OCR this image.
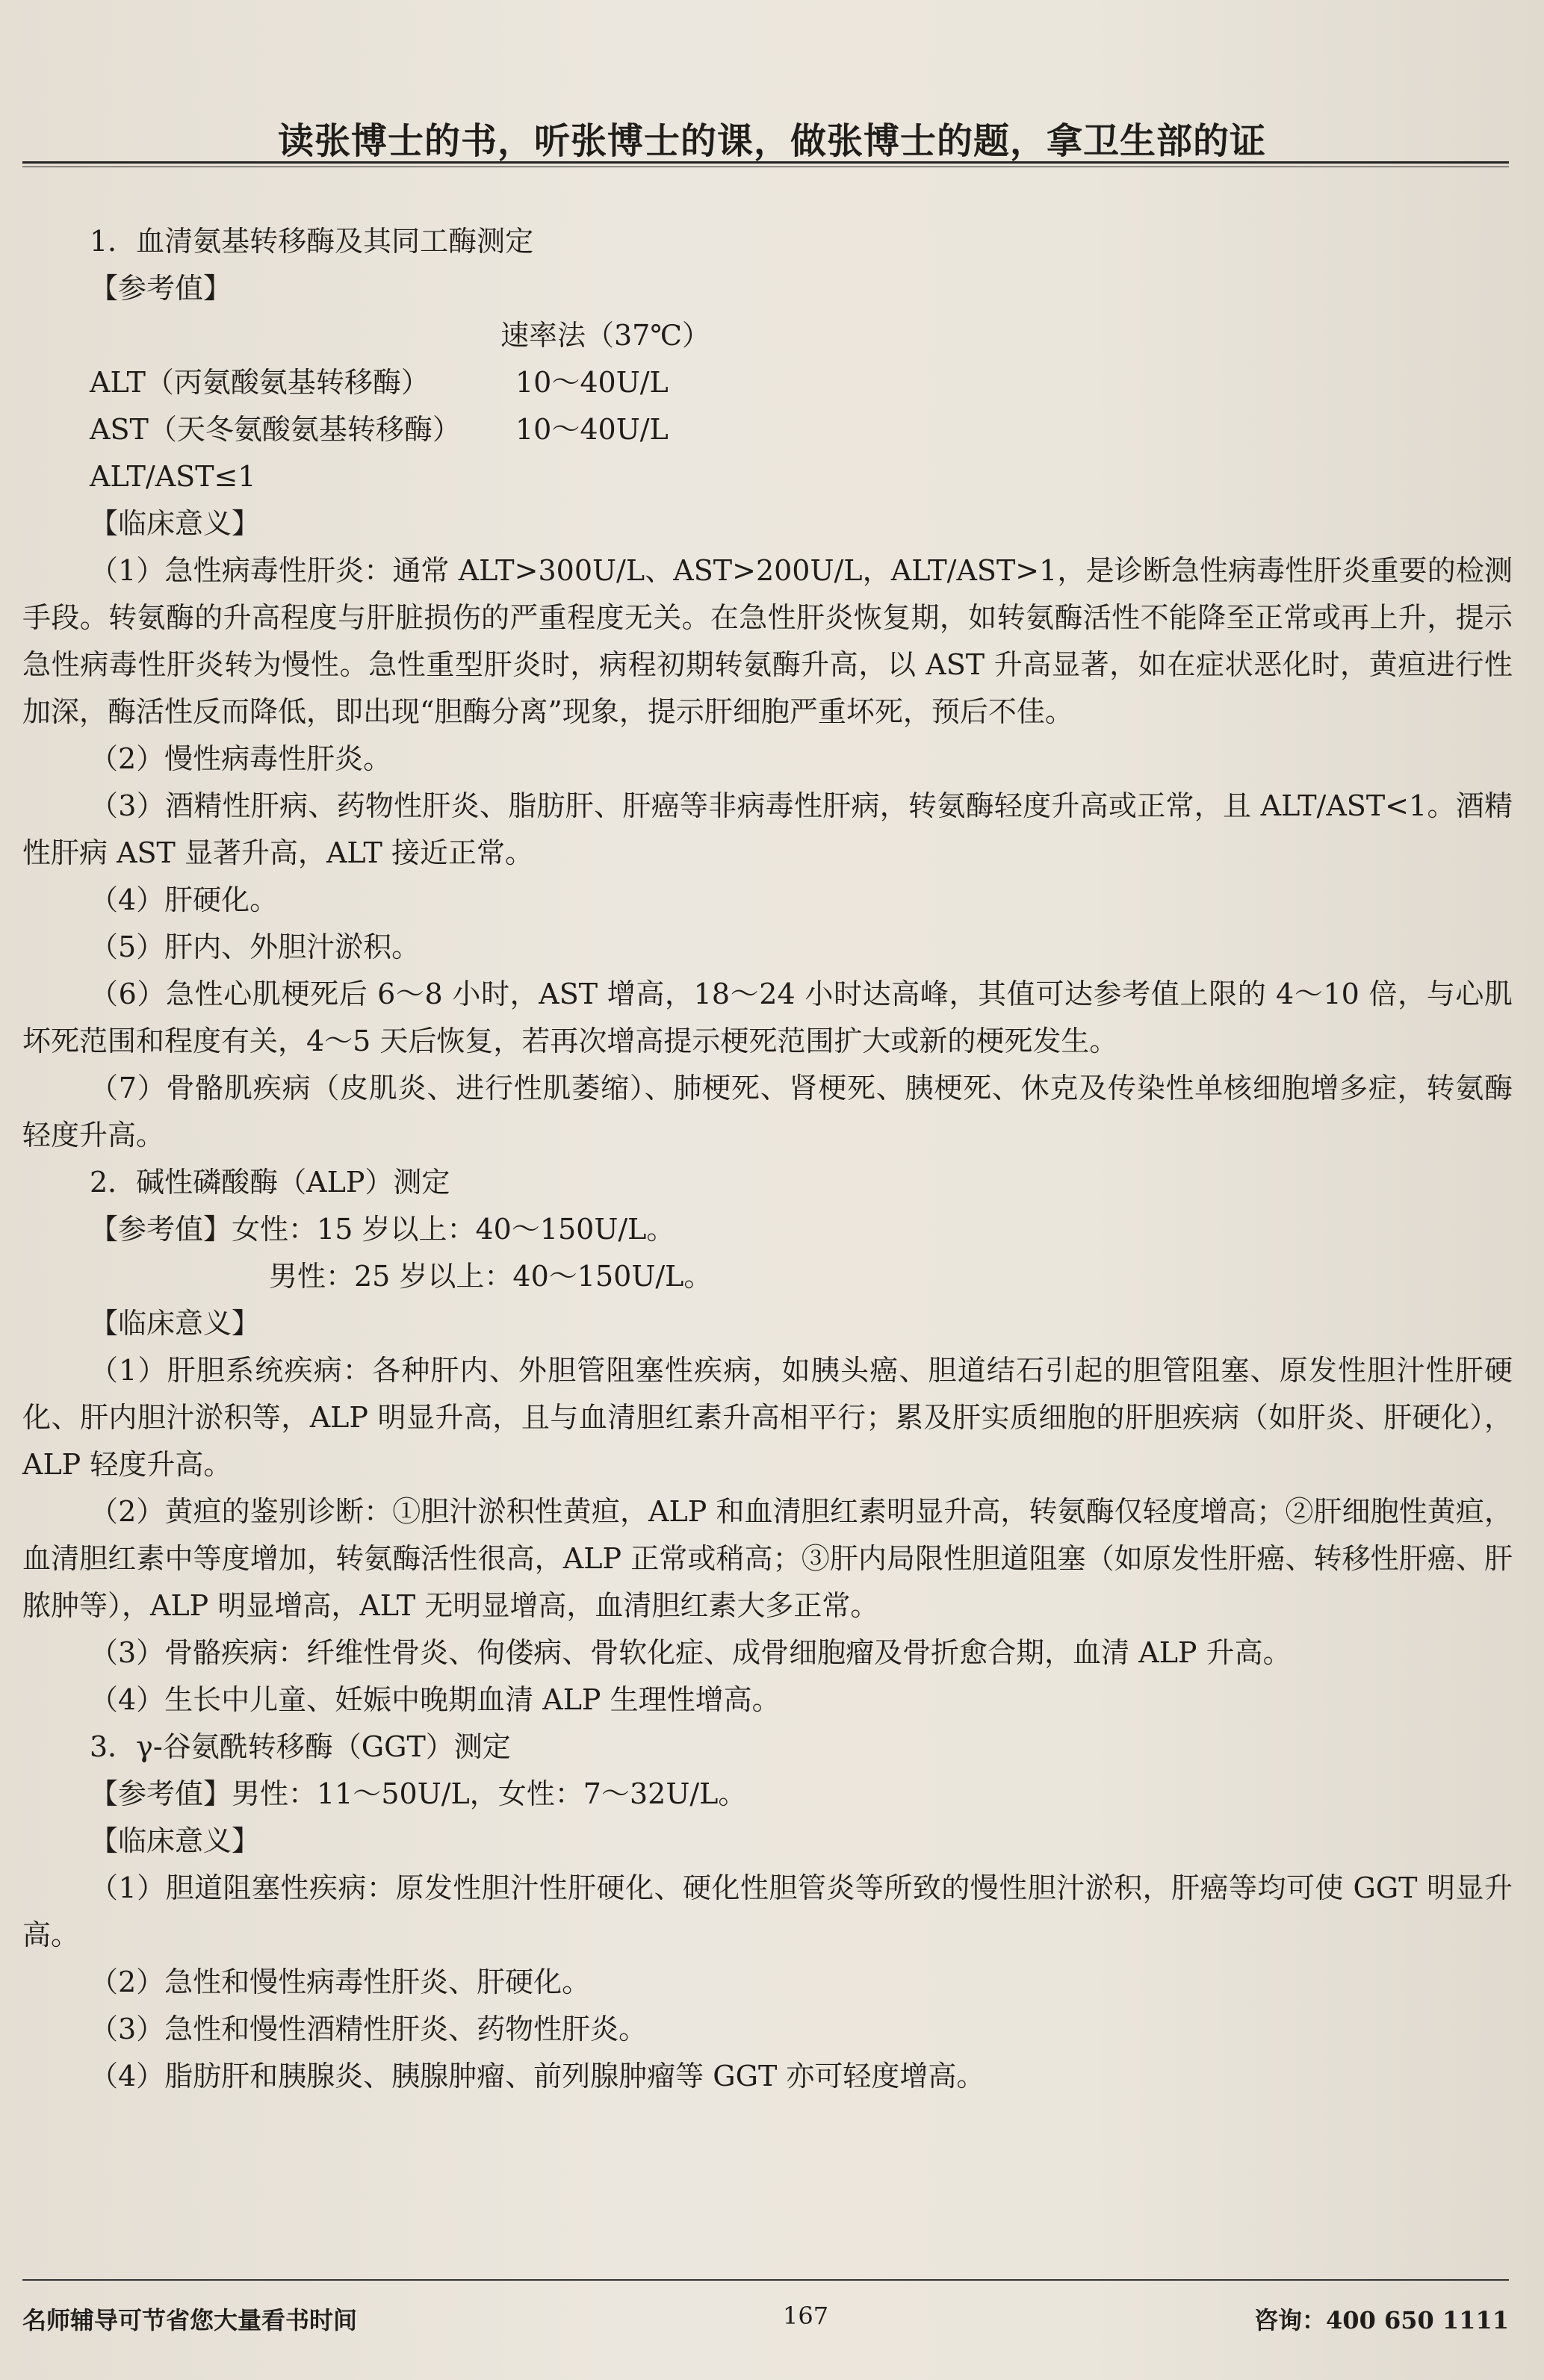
读张博士的书，听张博士的课，做张博士的题，拿卫生部的证

1．血清氨基转移酶及其同工酶测定

【参考值】

速率法（37℃）

ALT（丙氨酸氨基转移酶）	10～40U/L
AST（天冬氨酸氨基转移酶）	10～40U/L

ALT/AST≤1

【临床意义】

（1）急性病毒性肝炎：通常 ALT>300U/L、AST>200U/L，ALT/AST>1，是诊断急性病毒性肝炎重要的检测手段。转氨酶的升高程度与肝脏损伤的严重程度无关。在急性肝炎恢复期，如转氨酶活性不能降至正常或再上升，提示急性病毒性肝炎转为慢性。急性重型肝炎时，病程初期转氨酶升高，以 AST 升高显著，如在症状恶化时，黄疸进行性加深，酶活性反而降低，即出现“胆酶分离”现象，提示肝细胞严重坏死，预后不佳。

（2）慢性病毒性肝炎。

（3）酒精性肝病、药物性肝炎、脂肪肝、肝癌等非病毒性肝病，转氨酶轻度升高或正常，且 ALT/AST<1。酒精性肝病 AST 显著升高，ALT 接近正常。

（4）肝硬化。

（5）肝内、外胆汁淤积。

（6）急性心肌梗死后 6～8 小时，AST 增高，18～24 小时达高峰，其值可达参考值上限的 4～10 倍，与心肌坏死范围和程度有关，4～5 天后恢复，若再次增高提示梗死范围扩大或新的梗死发生。

（7）骨骼肌疾病（皮肌炎、进行性肌萎缩）、肺梗死、肾梗死、胰梗死、休克及传染性单核细胞增多症，转氨酶轻度升高。

2．碱性磷酸酶（ALP）测定

【参考值】女性：15 岁以上：40～150U/L。

男性：25 岁以上：40～150U/L。

【临床意义】

（1）肝胆系统疾病：各种肝内、外胆管阻塞性疾病，如胰头癌、胆道结石引起的胆管阻塞、原发性胆汁性肝硬化、肝内胆汁淤积等，ALP 明显升高，且与血清胆红素升高相平行；累及肝实质细胞的肝胆疾病（如肝炎、肝硬化），ALP 轻度升高。

（2）黄疸的鉴别诊断：①胆汁淤积性黄疸，ALP 和血清胆红素明显升高，转氨酶仅轻度增高；②肝细胞性黄疸，血清胆红素中等度增加，转氨酶活性很高，ALP 正常或稍高；③肝内局限性胆道阻塞（如原发性肝癌、转移性肝癌、肝脓肿等），ALP 明显增高，ALT 无明显增高，血清胆红素大多正常。

（3）骨骼疾病：纤维性骨炎、佝偻病、骨软化症、成骨细胞瘤及骨折愈合期，血清 ALP 升高。

（4）生长中儿童、妊娠中晚期血清 ALP 生理性增高。

3．γ-谷氨酰转移酶（GGT）测定

【参考值】男性：11～50U/L，女性：7～32U/L。

【临床意义】

（1）胆道阻塞性疾病：原发性胆汁性肝硬化、硬化性胆管炎等所致的慢性胆汁淤积，肝癌等均可使 GGT 明显升高。

（2）急性和慢性病毒性肝炎、肝硬化。

（3）急性和慢性酒精性肝炎、药物性肝炎。

（4）脂肪肝和胰腺炎、胰腺肿瘤、前列腺肿瘤等 GGT 亦可轻度增高。

名师辅导可节省您大量看书时间	167	咨询：400 650 1111
